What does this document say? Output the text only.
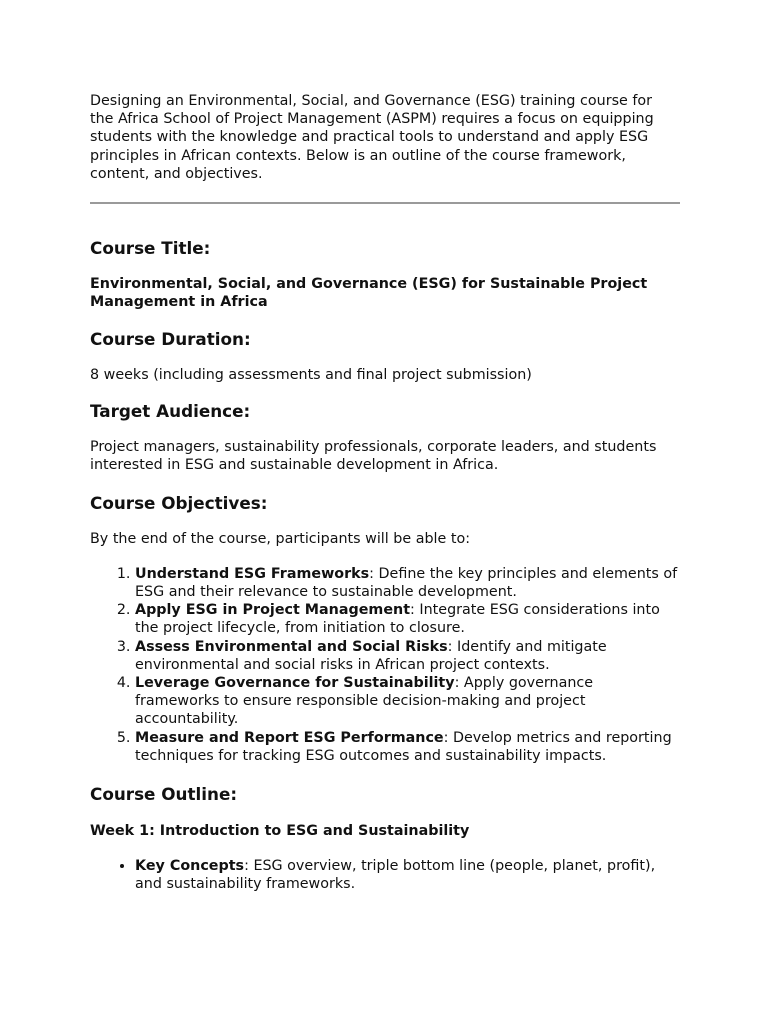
Designing an Environmental, Social, and Governance (ESG) training course for the Africa School of Project Management (ASPM) requires a focus on equipping students with the knowledge and practical tools to understand and apply ESG principles in African contexts. Below is an outline of the course framework, content, and objectives.

Course Title:
Environmental, Social, and Governance (ESG) for Sustainable Project Management in Africa
Course Duration:

8 weeks (including assessments and final project submission)

Target Audience:

Project managers, sustainability professionals, corporate leaders, and students interested in ESG and sustainable development in Africa.

Course Objectives:

By the end of the course, participants will be able to:

1. Understand ESG Frameworks: Define the key principles and elements of ESG and their relevance to sustainable development.
2. Apply ESG in Project Management: Integrate ESG considerations into the project lifecycle, from initiation to closure.
3. Assess Environmental and Social Risks: Identify and mitigate environmental and social risks in African project contexts.
4. Leverage Governance for Sustainability: Apply governance frameworks to ensure responsible decision-making and project accountability.
5. Measure and Report ESG Performance: Develop metrics and reporting techniques for tracking ESG outcomes and sustainability impacts.
Course Outline:
Week 1: Introduction to ESG and Sustainability
• Key Concepts: ESG overview, triple bottom line (people, planet, profit), and sustainability frameworks.
